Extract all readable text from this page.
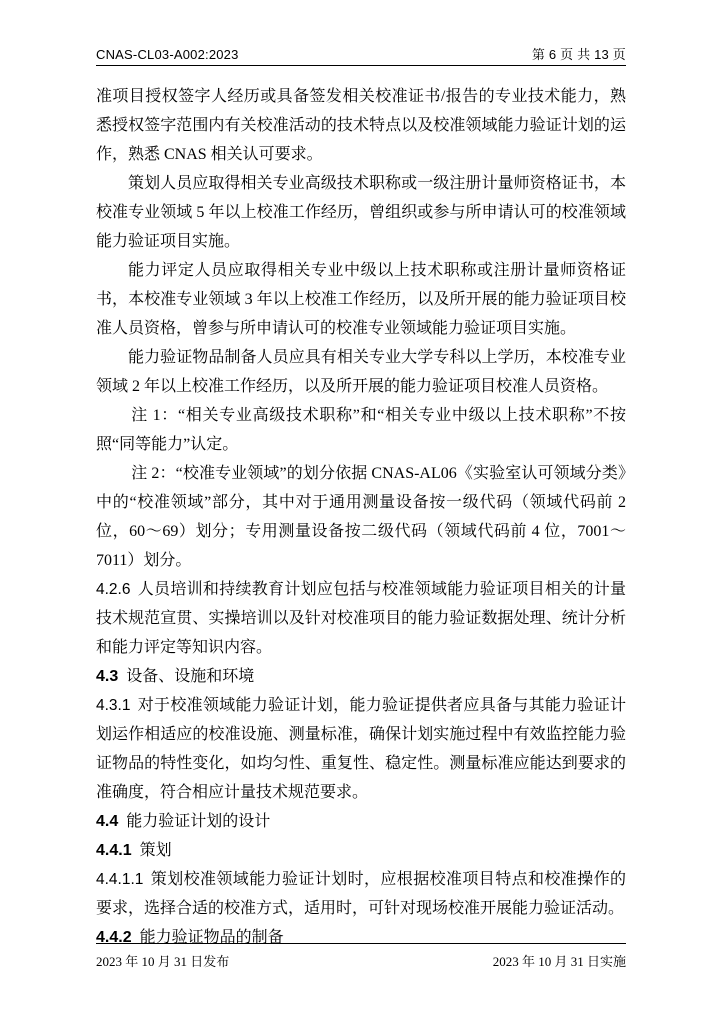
CNAS-CL03-A002:2023	第 6 页 共 13 页

准项目授权签字人经历或具备签发相关校准证书/报告的专业技术能力，熟悉授权签字范围内有关校准活动的技术特点以及校准领域能力验证计划的运作，熟悉 CNAS 相关认可要求。

策划人员应取得相关专业高级技术职称或一级注册计量师资格证书，本校准专业领域 5 年以上校准工作经历，曾组织或参与所申请认可的校准领域能力验证项目实施。

能力评定人员应取得相关专业中级以上技术职称或注册计量师资格证书，本校准专业领域 3 年以上校准工作经历，以及所开展的能力验证项目校准人员资格，曾参与所申请认可的校准专业领域能力验证项目实施。

能力验证物品制备人员应具有相关专业大学专科以上学历，本校准专业领域 2 年以上校准工作经历，以及所开展的能力验证项目校准人员资格。

注 1：“相关专业高级技术职称”和“相关专业中级以上技术职称”不按照“同等能力”认定。

注 2：“校准专业领域”的划分依据 CNAS-AL06《实验室认可领域分类》中的“校准领域”部分，其中对于通用测量设备按一级代码（领域代码前 2 位，60～69）划分；专用测量设备按二级代码（领域代码前 4 位，7001～7011）划分。

4.2.6 人员培训和持续教育计划应包括与校准领域能力验证项目相关的计量技术规范宣贯、实操培训以及针对校准项目的能力验证数据处理、统计分析和能力评定等知识内容。

4.3 设备、设施和环境

4.3.1 对于校准领域能力验证计划，能力验证提供者应具备与其能力验证计划运作相适应的校准设施、测量标准，确保计划实施过程中有效监控能力验证物品的特性变化，如均匀性、重复性、稳定性。测量标准应能达到要求的准确度，符合相应计量技术规范要求。

4.4 能力验证计划的设计
4.4.1 策划

4.4.1.1 策划校准领域能力验证计划时，应根据校准项目特点和校准操作的要求，选择合适的校准方式，适用时，可针对现场校准开展能力验证活动。

4.4.2 能力验证物品的制备
2023 年 10 月 31 日发布	2023 年 10 月 31 日实施
